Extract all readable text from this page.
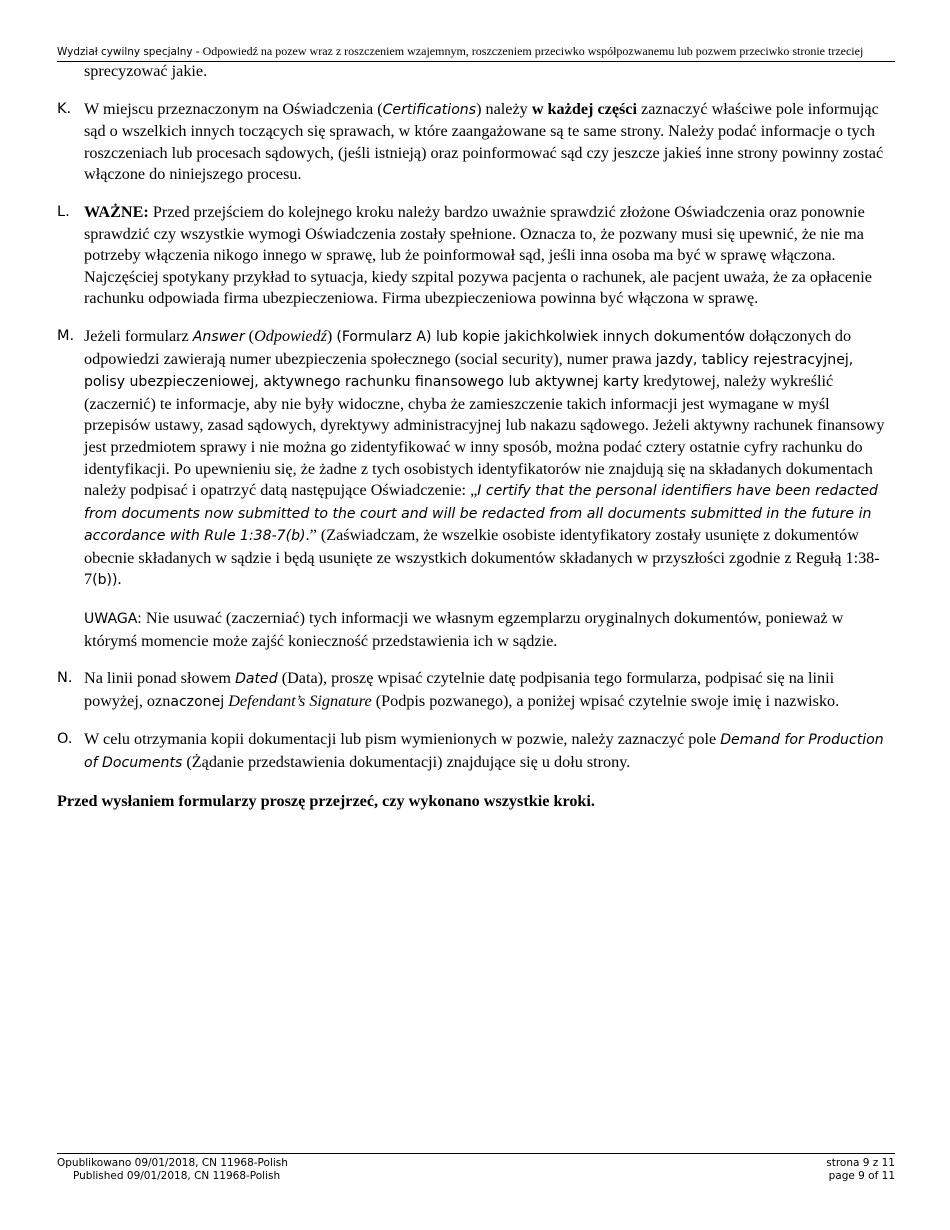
Wydział cywilny specjalny - Odpowiedź na pozew wraz z roszczeniem wzajemnym, roszczeniem przeciwko współpozwanemu lub pozwem przeciwko stronie trzeciej
sprecyzować jakie.
K. W miejscu przeznaczonym na Oświadczenia (Certifications) należy w każdej części zaznaczyć właściwe pole informując sąd o wszelkich innych toczących się sprawach, w które zaangażowane są te same strony. Należy podać informacje o tych roszczeniach lub procesach sądowych, (jeśli istnieją) oraz poinformować sąd czy jeszcze jakieś inne strony powinny zostać włączone do niniejszego procesu.
L. WAŻNE: Przed przejściem do kolejnego kroku należy bardzo uważnie sprawdzić złożone Oświadczenia oraz ponownie sprawdzić czy wszystkie wymogi Oświadczenia zostały spełnione. Oznacza to, że pozwany musi się upewnić, że nie ma potrzeby włączenia nikogo innego w sprawę, lub że poinformował sąd, jeśli inna osoba ma być w sprawę włączona. Najczęściej spotykany przykład to sytuacja, kiedy szpital pozywa pacjenta o rachunek, ale pacjent uważa, że za opłacenie rachunku odpowiada firma ubezpieczeniowa. Firma ubezpieczeniowa powinna być włączona w sprawę.
M. Jeżeli formularz Answer (Odpowiedź) (Formularz A) lub kopie jakichkolwiek innych dokumentów dołączonych do odpowiedzi zawierają numer ubezpieczenia społecznego (social security), numer prawa jazdy, tablicy rejestracyjnej, polisy ubezpieczeniowej, aktywnego rachunku finansowego lub aktywnej karty kredytowej, należy wykreślić (zaczernić) te informacje, aby nie były widoczne, chyba że zamieszczenie takich informacji jest wymagane w myśl przepisów ustawy, zasad sądowych, dyrektywy administracyjnej lub nakazu sądowego. Jeżeli aktywny rachunek finansowy jest przedmiotem sprawy i nie można go zidentyfikować w inny sposób, można podać cztery ostatnie cyfry rachunku do identyfikacji. Po upewnieniu się, że żadne z tych osobistych identyfikatorów nie znajdują się na składanych dokumentach należy podpisać i opatrzyć datą następujące Oświadczenie: „I certify that the personal identifiers have been redacted from documents now submitted to the court and will be redacted from all documents submitted in the future in accordance with Rule 1:38-7(b).” (Zaświadczam, że wszelkie osobiste identyfikatory zostały usunięte z dokumentów obecnie składanych w sądzie i będą usunięte ze wszystkich dokumentów składanych w przyszłości zgodnie z Regułą 1:38-7(b)).
UWAGA: Nie usuwać (zaczerniać) tych informacji we własnym egzemplarzu oryginalnych dokumentów, ponieważ w którymś momencie może zajść konieczność przedstawienia ich w sądzie.
N. Na linii ponad słowem Dated (Data), proszę wpisać czytelnie datę podpisania tego formularza, podpisać się na linii powyżej, oznaczonej Defendant’s Signature (Podpis pozwanego), a poniżej wpisać czytelnie swoje imię i nazwisko.
O. W celu otrzymania kopii dokumentacji lub pism wymienionych w pozwie, należy zaznaczyć pole Demand for Production of Documents (Żądanie przedstawienia dokumentacji) znajdujące się u dołu strony.
Przed wysłaniem formularzy proszę przejrzeć, czy wykonano wszystkie kroki.
Opublikowano 09/01/2018, CN 11968-Polish
Published 09/01/2018, CN 11968-Polish
strona 9 z 11
page 9 of 11
